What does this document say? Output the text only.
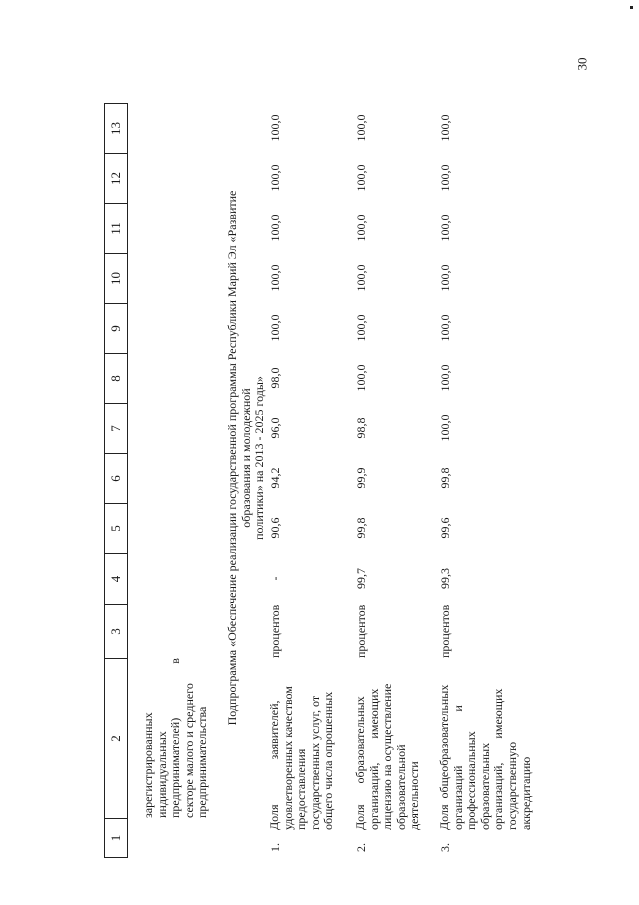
30
1
2
3
4
5
6
7
8
9
10
11
12
13
зарегистрированных индивидуальных предпринимателей)                  в секторе малого и среднего предпринимательства
Подпрограмма «Обеспечение реализации государственной программы Республики Марий Эл «Развитие образования и молодежной политики» на 2013 - 2025 годы»
1.
Доля               заявителей, удовлетворенных качеством предоставления государственных услуг, от общего числа опрошенных
процентов
-
90,6
94,2
96,0
98,0
100,0
100,0
100,0
100,0
100,0
2.
Доля       образовательных организаций,        имеющих лицензию на осуществление образовательной деятельности
процентов
99,7
99,8
99,9
98,8
100,0
100,0
100,0
100,0
100,0
100,0
3.
Доля  общеобразовательных организаций                  и профессиональных образовательных организаций,        имеющих государственную аккредитацию
процентов
99,3
99,6
99,8
100,0
100,0
100,0
100,0
100,0
100,0
100,0
